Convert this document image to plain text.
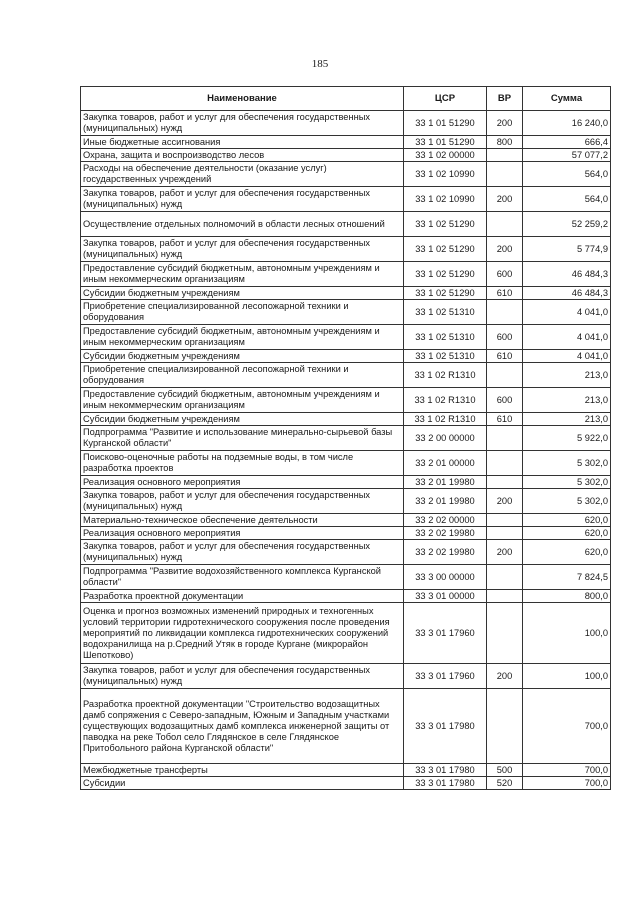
185
Наименование	ЦСР	ВР	Сумма
Закупка товаров, работ и услуг для обеспечения государственных (муниципальных) нужд	33 1 01 51290	200	16 240,0
Иные бюджетные ассигнования	33 1 01 51290	800	666,4
Охрана, защита и воспроизводство лесов	33 1 02 00000		57 077,2
Расходы на обеспечение деятельности (оказание услуг) государственных учреждений	33 1 02 10990		564,0
Закупка товаров, работ и услуг для обеспечения государственных (муниципальных) нужд	33 1 02 10990	200	564,0
Осуществление отдельных полномочий в области лесных отношений	33 1 02 51290		52 259,2
Закупка товаров, работ и услуг для обеспечения государственных (муниципальных) нужд	33 1 02 51290	200	5 774,9
Предоставление субсидий бюджетным, автономным учреждениям и иным некоммерческим организациям	33 1 02 51290	600	46 484,3
Субсидии бюджетным учреждениям	33 1 02 51290	610	46 484,3
Приобретение специализированной лесопожарной техники и оборудования	33 1 02 51310		4 041,0
Предоставление субсидий бюджетным, автономным учреждениям и иным некоммерческим организациям	33 1 02 51310	600	4 041,0
Субсидии бюджетным учреждениям	33 1 02 51310	610	4 041,0
Приобретение специализированной лесопожарной техники и оборудования	33 1 02 R1310		213,0
Предоставление субсидий бюджетным, автономным учреждениям и иным некоммерческим организациям	33 1 02 R1310	600	213,0
Субсидии бюджетным учреждениям	33 1 02 R1310	610	213,0
Подпрограмма "Развитие и использование минерально-сырьевой базы Курганской области"	33 2 00 00000		5 922,0
Поисково-оценочные работы на подземные воды, в том числе разработка проектов	33 2 01 00000		5 302,0
Реализация основного мероприятия	33 2 01 19980		5 302,0
Закупка товаров, работ и услуг для обеспечения государственных (муниципальных) нужд	33 2 01 19980	200	5 302,0
Материально-техническое обеспечение деятельности	33 2 02 00000		620,0
Реализация основного мероприятия	33 2 02 19980		620,0
Закупка товаров, работ и услуг для обеспечения государственных (муниципальных) нужд	33 2 02 19980	200	620,0
Подпрограмма "Развитие водохозяйственного комплекса Курганской области"	33 3 00 00000		7 824,5
Разработка проектной документации	33 3 01 00000		800,0
Оценка и прогноз возможных изменений природных и техногенных условий территории гидротехнического сооружения после проведения мероприятий по ликвидации комплекса гидротехнических сооружений водохранилища на р.Средний Утяк в городе Кургане (микрорайон Шепотково)	33 3 01 17960		100,0
Закупка товаров, работ и услуг для обеспечения государственных (муниципальных) нужд	33 3 01 17960	200	100,0
Разработка проектной документации "Строительство водозащитных дамб сопряжения с Северо-западным, Южным и Западным участками существующих водозащитных дамб комплекса инженерной защиты от паводка на реке Тобол село Глядянское в селе Глядянское Притобольного района Курганской области"	33 3 01 17980		700,0
Межбюджетные трансферты	33 3 01 17980	500	700,0
Субсидии	33 3 01 17980	520	700,0
